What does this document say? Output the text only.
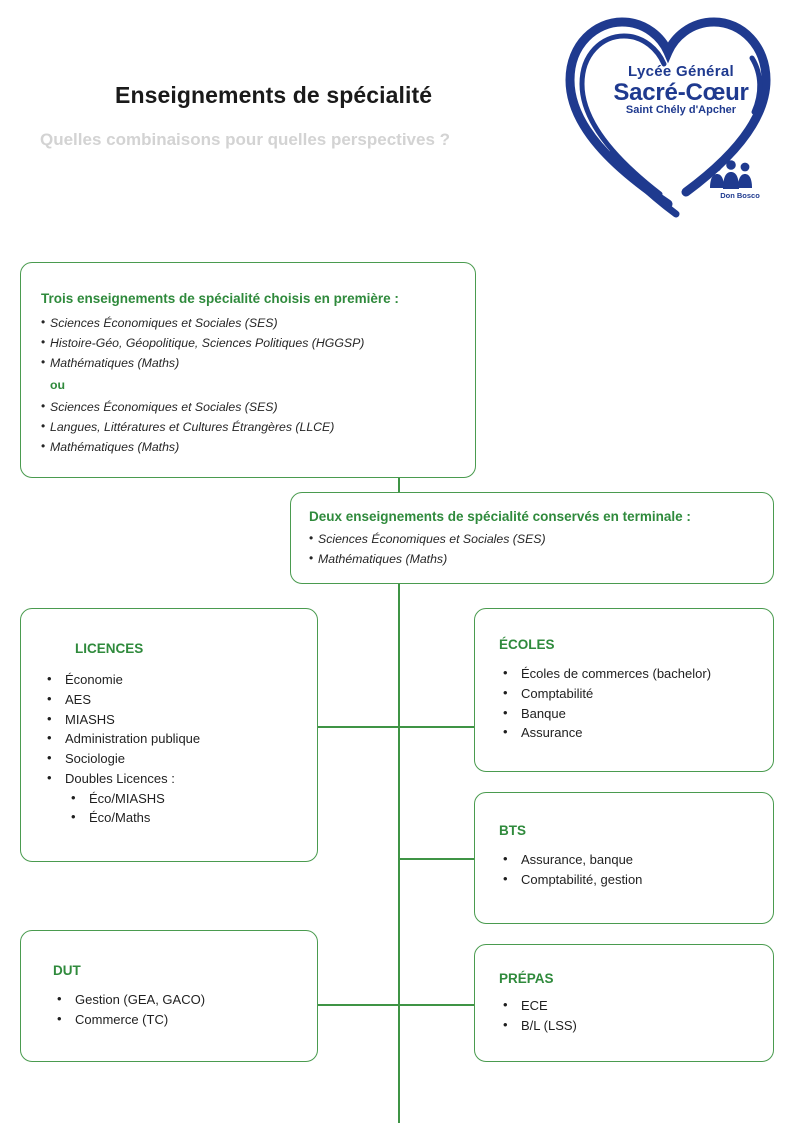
Enseignements de spécialité
Quelles combinaisons pour quelles perspectives ?
Lycée Général
Sacré-Cœur
Saint Chély d'Apcher
Don Bosco
Trois enseignements de spécialité choisis en première :
• Sciences Économiques et Sociales (SES)
• Histoire-Géo, Géopolitique, Sciences Politiques (HGGSP)
• Mathématiques (Maths)
ou
• Sciences Économiques et Sociales (SES)
• Langues, Littératures et Cultures Étrangères (LLCE)
• Mathématiques (Maths)
Deux enseignements de spécialité conservés en terminale :
• Sciences Économiques et Sociales (SES)
• Mathématiques (Maths)
LICENCES
• Économie
• AES
• MIASHS
• Administration publique
• Sociologie
• Doubles Licences :
• Éco/MIASHS
• Éco/Maths
ÉCOLES
• Écoles de commerces (bachelor)
• Comptabilité
• Banque
• Assurance
BTS
• Assurance, banque
• Comptabilité, gestion
DUT
• Gestion (GEA, GACO)
• Commerce (TC)
PRÉPAS
• ECE
• B/L (LSS)
